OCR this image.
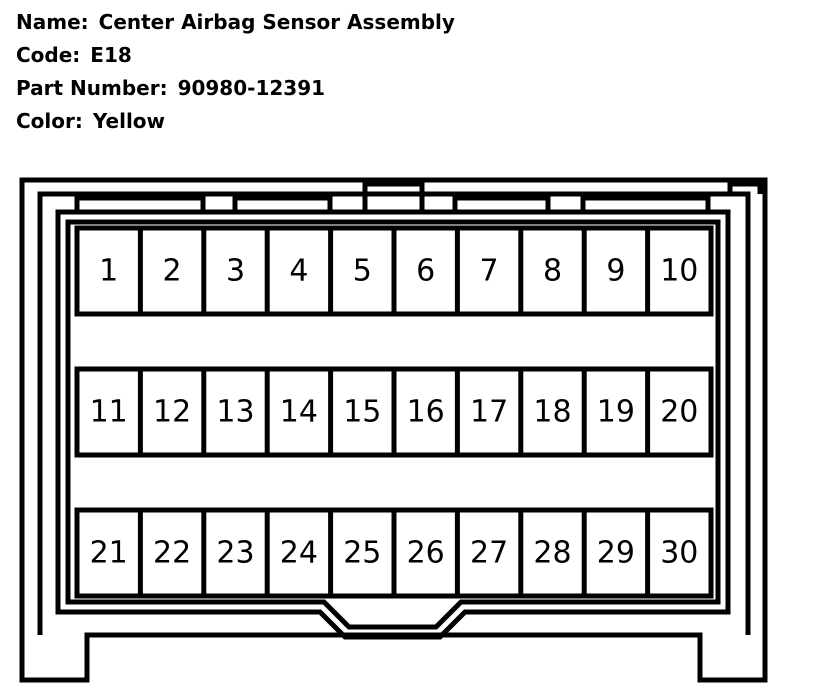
Name: Center Airbag Sensor Assembly
Code: E18
Part Number: 90980-12391
Color: Yellow
1 2 3 4 5 6 7 8 9 10
11 12 13 14 15 16 17 18 19 20
21 22 23 24 25 26 27 28 29 30
